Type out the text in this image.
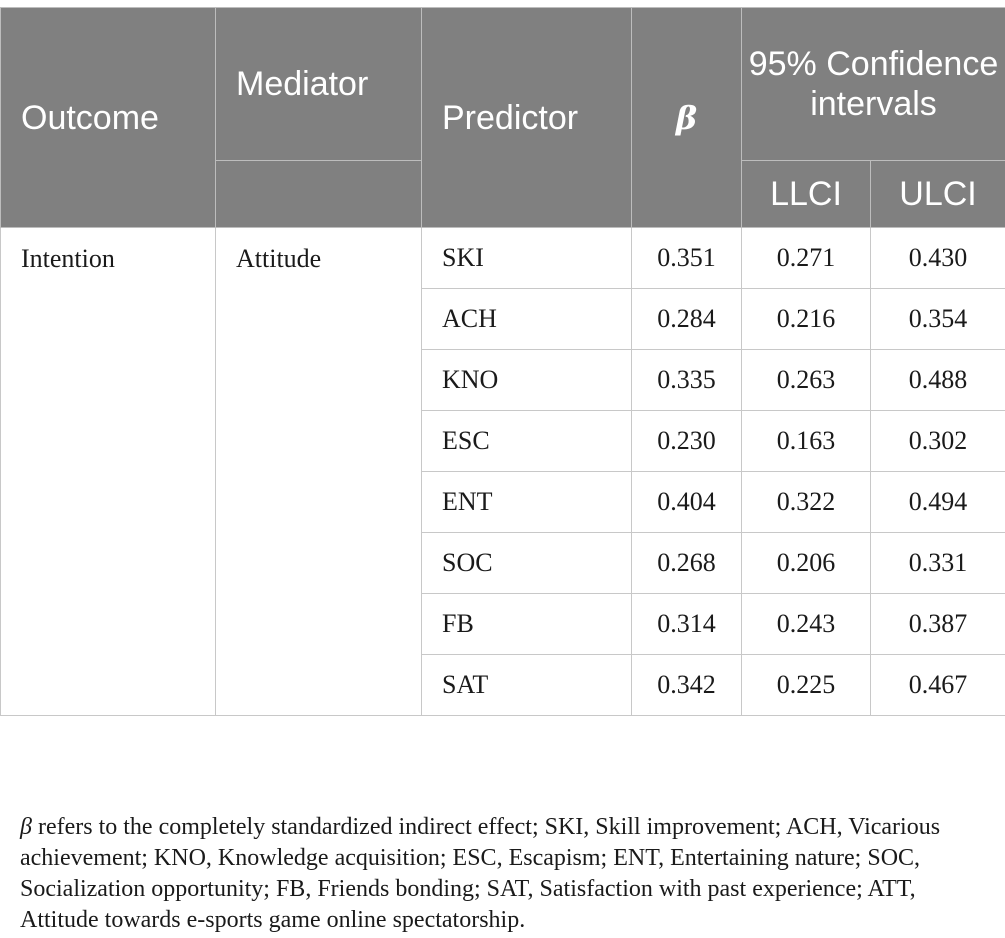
Outcome	Mediator	Predictor	β	95% Confidence intervals	
				LLCI	ULCI
Intention	Attitude	SKI	0.351	0.271	0.430
		ACH	0.284	0.216	0.354
		KNO	0.335	0.263	0.488
		ESC	0.230	0.163	0.302
		ENT	0.404	0.322	0.494
		SOC	0.268	0.206	0.331
		FB	0.314	0.243	0.387
		SAT	0.342	0.225	0.467

β refers to the completely standardized indirect effect; SKI, Skill improvement; ACH, Vicarious achievement; KNO, Knowledge acquisition; ESC, Escapism; ENT, Entertaining nature; SOC, Socialization opportunity; FB, Friends bonding; SAT, Satisfaction with past experience; ATT, Attitude towards e-sports game online spectatorship.
